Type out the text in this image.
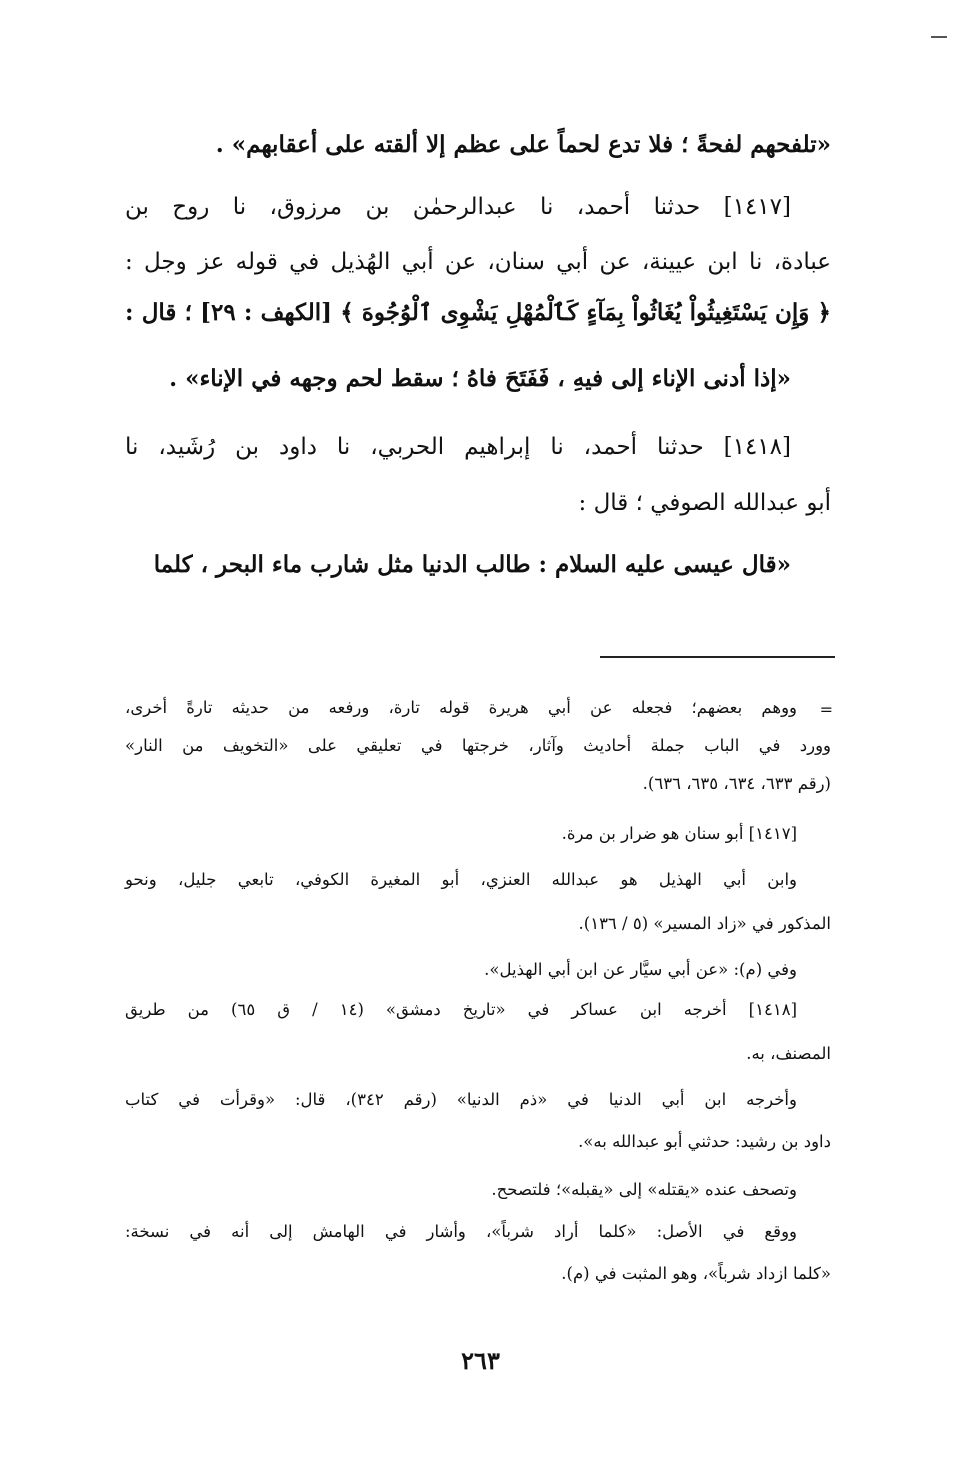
«تلفحهم لفحةً ؛ فلا تدع لحماً على عظم إلا ألقته على أعقابهم» .
[١٤١٧] حدثنا أحمد، نا عبدالرحمٰن بن مرزوق، نا روح بن
عبادة، نا ابن عيينة، عن أبي سنان، عن أبي الهُذيل في قوله عز وجل :
﴿ وَإِن يَسْتَغِيثُواْ يُغَاثُواْ بِمَآءٍ كَٱلْمُهْلِ يَشْوِى ٱلْوُجُوهَ ﴾ [الكهف : ٢٩] ؛ قال :
«إذا أدنى الإناء إلى فيهِ ، فَفَتَحَ فاهُ ؛ سقط لحم وجهه في الإناء» .
[١٤١٨] حدثنا أحمد، نا إبراهيم الحربي، نا داود بن رُشَيد، نا
أبو عبدالله الصوفي ؛ قال :
«قال عيسى عليه السلام : طالب الدنيا مثل شارب ماء البحر ، كلما
=
ووهم بعضهم؛ فجعله عن أبي هريرة قوله تارة، ورفعه من حديثه تارةً أخرى،
وورد في الباب جملة أحاديث وآثار، خرجتها في تعليقي على «التخويف من النار»
(رقم ٦٣٣، ٦٣٤، ٦٣٥، ٦٣٦).
[١٤١٧] أبو سنان هو ضرار بن مرة.
وابن أبي الهذيل هو عبدالله العنزي، أبو المغيرة الكوفي، تابعي جليل، ونحو
المذكور في «زاد المسير» (٥ / ١٣٦).
وفي (م): «عن أبي سيَّار عن ابن أبي الهذيل».
[١٤١٨] أخرجه ابن عساكر في «تاريخ دمشق» (١٤ / ق ٦٥) من طريق
المصنف، به.
وأخرجه ابن أبي الدنيا في «ذم الدنيا» (رقم ٣٤٢)، قال: «وقرأت في كتاب
داود بن رشيد: حدثني أبو عبدالله به».
وتصحف عنده «يقتله» إلى «يقبله»؛ فلتصحح.
ووقع في الأصل: «كلما أراد شرباً»، وأشار في الهامش إلى أنه في نسخة:
«كلما ازداد شرباً»، وهو المثبت في (م).
٢٦٣
